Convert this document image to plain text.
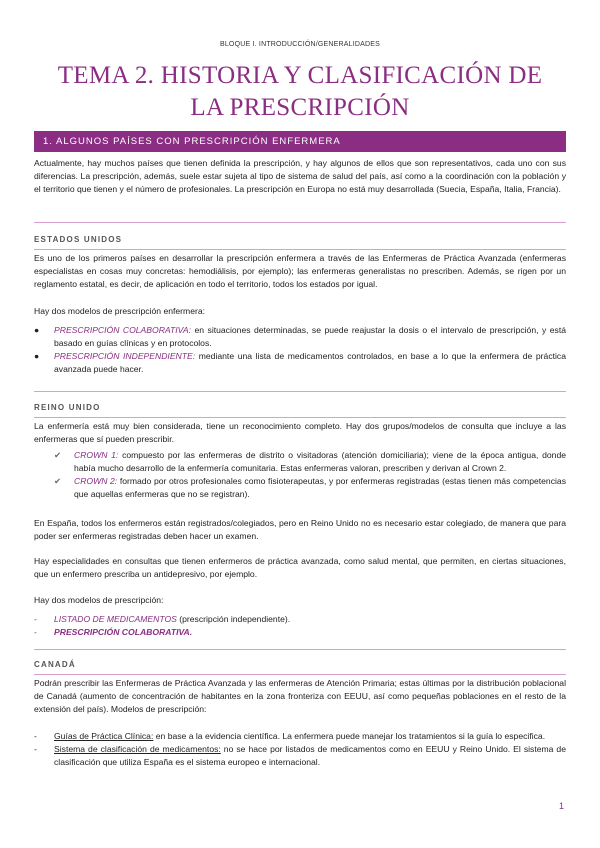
BLOQUE I. INTRODUCCIÓN/GENERALIDADES
TEMA 2. HISTORIA Y CLASIFICACIÓN DE LA PRESCRIPCIÓN
1. ALGUNOS PAÍSES CON PRESCRIPCIÓN ENFERMERA
Actualmente, hay muchos países que tienen definida la prescripción, y hay algunos de ellos que son representativos, cada uno con sus diferencias. La prescripción, además, suele estar sujeta al tipo de sistema de salud del país, así como a la coordinación con la población y el territorio que tienen y el número de profesionales. La prescripción en Europa no está muy desarrollada (Suecia, España, Italia, Francia).
ESTADOS UNIDOS
Es uno de los primeros países en desarrollar la prescripción enfermera a través de las Enfermeras de Práctica Avanzada (enfermeras especialistas en cosas muy concretas: hemodiálisis, por ejemplo); las enfermeras generalistas no prescriben. Además, se rigen por un reglamento estatal, es decir, de aplicación en todo el territorio, todos los estados por igual.
Hay dos modelos de prescripción enfermera:
● PRESCRIPCIÓN COLABORATIVA: en situaciones determinadas, se puede reajustar la dosis o el intervalo de prescripción, y está basado en guías clínicas y en protocolos.
● PRESCRIPCIÓN INDEPENDIENTE: mediante una lista de medicamentos controlados, en base a lo que la enfermera de práctica avanzada puede hacer.
REINO UNIDO
La enfermería está muy bien considerada, tiene un reconocimiento completo. Hay dos grupos/modelos de consulta que incluye a las enfermeras que sí pueden prescribir.
✔ CROWN 1: compuesto por las enfermeras de distrito o visitadoras (atención domiciliaria); viene de la época antigua, donde había mucho desarrollo de la enfermería comunitaria. Estas enfermeras valoran, prescriben y derivan al Crown 2.
✔ CROWN 2: formado por otros profesionales como fisioterapeutas, y por enfermeras registradas (estas tienen más competencias que aquellas enfermeras que no se registran).
En España, todos los enfermeros están registrados/colegiados, pero en Reino Unido no es necesario estar colegiado, de manera que para poder ser enfermeras registradas deben hacer un examen.
Hay especialidades en consultas que tienen enfermeros de práctica avanzada, como salud mental, que permiten, en ciertas situaciones, que un enfermero prescriba un antidepresivo, por ejemplo.
Hay dos modelos de prescripción:
- LISTADO DE MEDICAMENTOS (prescripción independiente).
- PRESCRIPCIÓN COLABORATIVA.
CANADÁ
Podrán prescribir las Enfermeras de Práctica Avanzada y las enfermeras de Atención Primaria; estas últimas por la distribución poblacional de Canadá (aumento de concentración de habitantes en la zona fronteriza con EEUU, así como pequeñas poblaciones en el resto de la extensión del país). Modelos de prescripción:
- Guías de Práctica Clínica: en base a la evidencia científica. La enfermera puede manejar los tratamientos si la guía lo especifica.
- Sistema de clasificación de medicamentos: no se hace por listados de medicamentos como en EEUU y Reino Unido. El sistema de clasificación que utiliza España es el sistema europeo e internacional.
1
